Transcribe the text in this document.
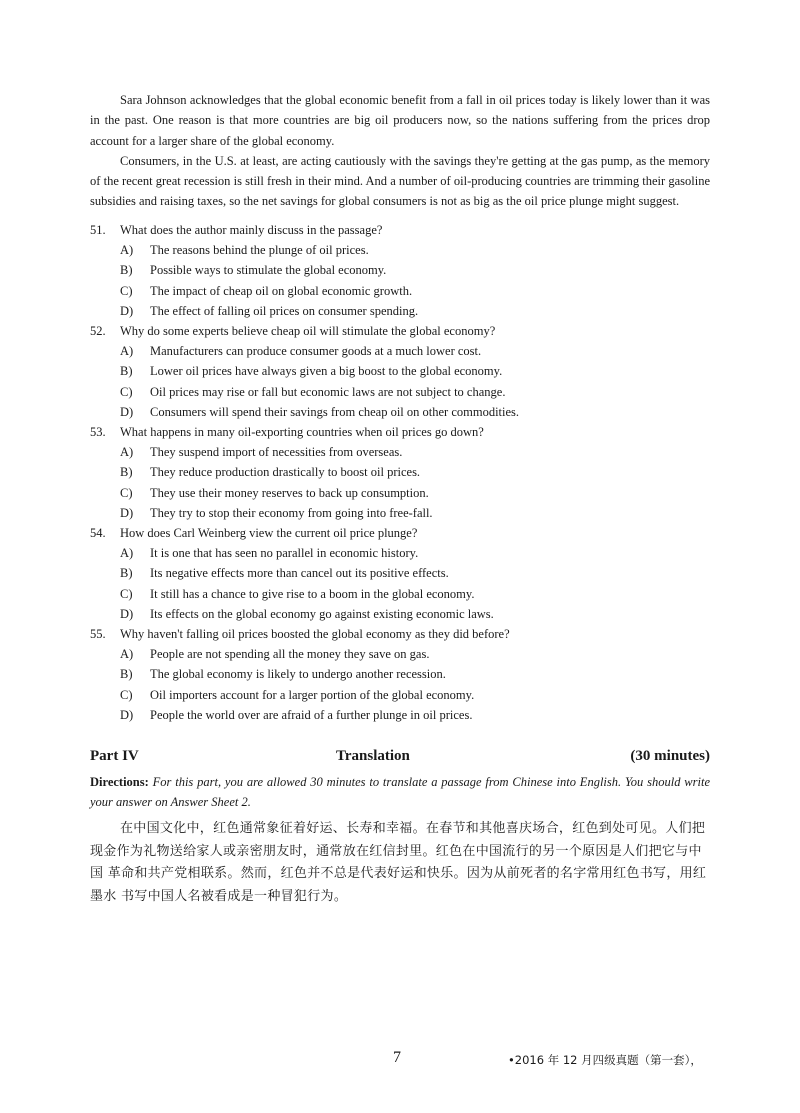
Sara Johnson acknowledges that the global economic benefit from a fall in oil prices today is likely lower than it was in the past. One reason is that more countries are big oil producers now, so the nations suffering from the prices drop account for a larger share of the global economy.

Consumers, in the U.S. at least, are acting cautiously with the savings they're getting at the gas pump, as the memory of the recent great recession is still fresh in their mind. And a number of oil-producing countries are trimming their gasoline subsidies and raising taxes, so the net savings for global consumers is not as big as the oil price plunge might suggest.

51.	What does the author mainly discuss in the passage?
A)	The reasons behind the plunge of oil prices.
B)	Possible ways to stimulate the global economy.
C)	The impact of cheap oil on global economic growth.
D)	The effect of falling oil prices on consumer spending.
52.	Why do some experts believe cheap oil will stimulate the global economy?
A)	Manufacturers can produce consumer goods at a much lower cost.
B)	Lower oil prices have always given a big boost to the global economy.
C)	Oil prices may rise or fall but economic laws are not subject to change.
D)	Consumers will spend their savings from cheap oil on other commodities.
53.	What happens in many oil-exporting countries when oil prices go down?
A)	They suspend import of necessities from overseas.
B)	They reduce production drastically to boost oil prices.
C)	They use their money reserves to back up consumption.
D)	They try to stop their economy from going into free-fall.
54.	How does Carl Weinberg view the current oil price plunge?
A)	It is one that has seen no parallel in economic history.
B)	Its negative effects more than cancel out its positive effects.
C)	It still has a chance to give rise to a boom in the global economy.
D)	Its effects on the global economy go against existing economic laws.
55.	Why haven't falling oil prices boosted the global economy as they did before?
A)	People are not spending all the money they save on gas.
B)	The global economy is likely to undergo another recession.
C)	Oil importers account for a larger portion of the global economy.
D)	People the world over are afraid of a further plunge in oil prices.
Part IV	Translation	(30 minutes)

Directions: For this part, you are allowed 30 minutes to translate a passage from Chinese into English. You should write your answer on Answer Sheet 2.

在中国文化中，红色通常象征着好运、长寿和幸福。在春节和其他喜庆场合，红色到处可见。人们把现金作为礼物送给家人或亲密朋友时，通常放在红信封里。红色在中国流行的另一个原因是人们把它与中国 革命和共产党相联系。然而，红色并不总是代表好运和快乐。因为从前死者的名字常用红色书写，用红墨水 书写中国人名被看成是一种冒犯行为。

7	•2016 年 12 月四级真题（第一套），
